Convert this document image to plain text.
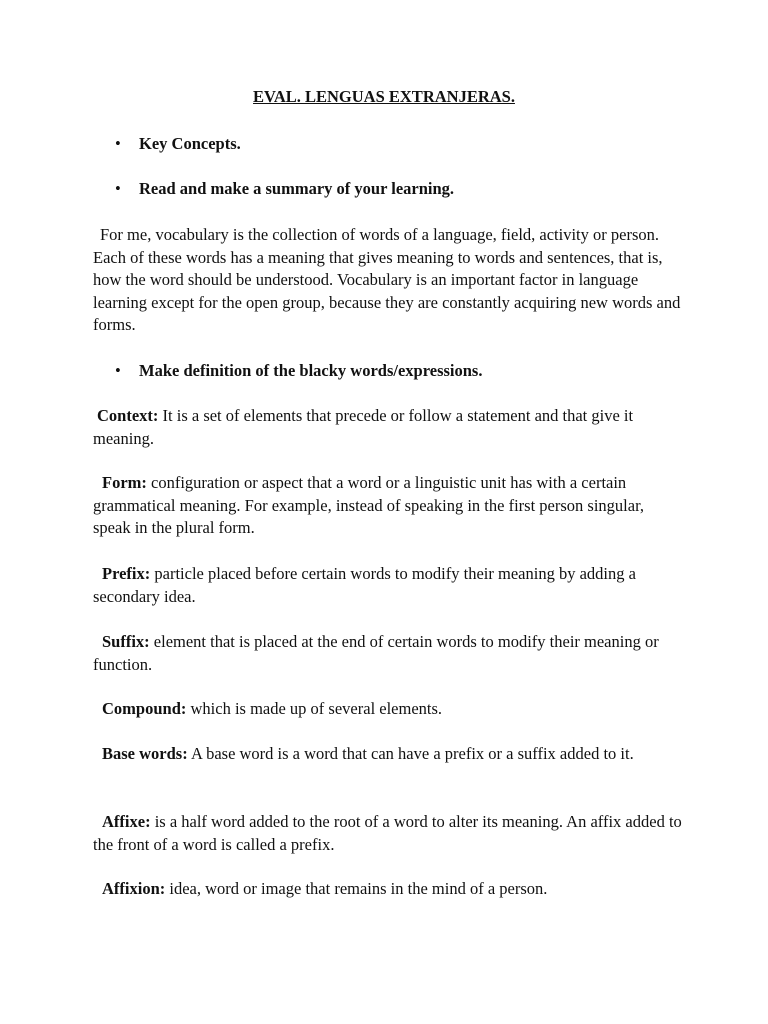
EVAL. LENGUAS EXTRANJERAS.

• Key Concepts.

• Read and make a summary of your learning.

For me, vocabulary is the collection of words of a language, field, activity or person. Each of these words has a meaning that gives meaning to words and sentences, that is, how the word should be understood. Vocabulary is an important factor in language learning except for the open group, because they are constantly acquiring new words and forms.

• Make definition of the blacky words/expressions.

Context: It is a set of elements that precede or follow a statement and that give it meaning.

Form: configuration or aspect that a word or a linguistic unit has with a certain grammatical meaning. For example, instead of speaking in the first person singular, speak in the plural form.

Prefix: particle placed before certain words to modify their meaning by adding a secondary idea.

Suffix: element that is placed at the end of certain words to modify their meaning or function.

Compound: which is made up of several elements.

Base words: A base word is a word that can have a prefix or a suffix added to it.

Affixe: is a half word added to the root of a word to alter its meaning. An affix added to the front of a word is called a prefix.

Affixion: idea, word or image that remains in the mind of a person.
